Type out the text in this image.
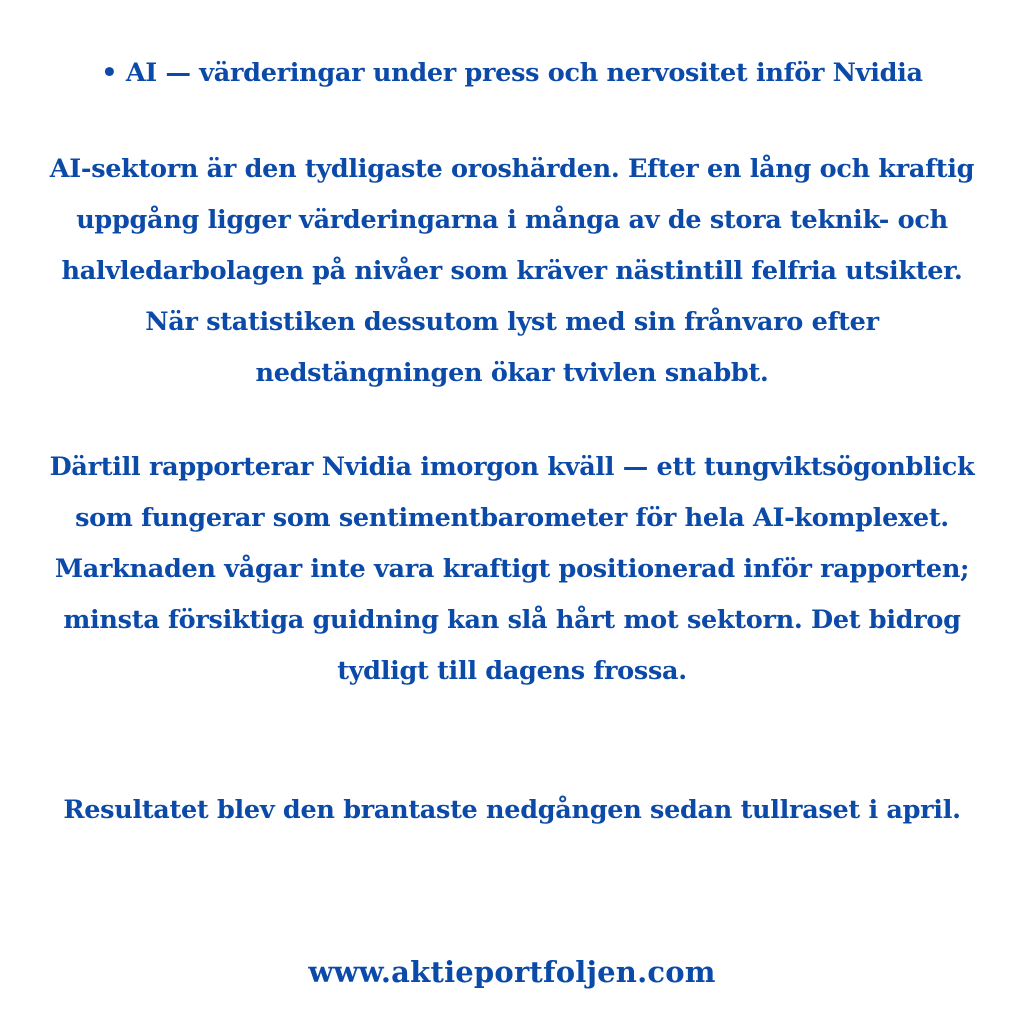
• AI — värderingar under press och nervositet inför Nvidia
AI-sektorn är den tydligaste oroshärden. Efter en lång och kraftig uppgång ligger värderingarna i många av de stora teknik- och halvledarbolagen på nivåer som kräver nästintill felfria utsikter. När statistiken dessutom lyst med sin frånvaro efter nedstängningen ökar tvivlen snabbt.
Därtill rapporterar Nvidia imorgon kväll — ett tungviktsögonblick som fungerar som sentimentbarometer för hela AI-komplexet. Marknaden vågar inte vara kraftigt positionerad inför rapporten; minsta försiktiga guidning kan slå hårt mot sektorn. Det bidrog tydligt till dagens frossa.
Resultatet blev den brantaste nedgången sedan tullraset i april.
www.aktieportfoljen.com
